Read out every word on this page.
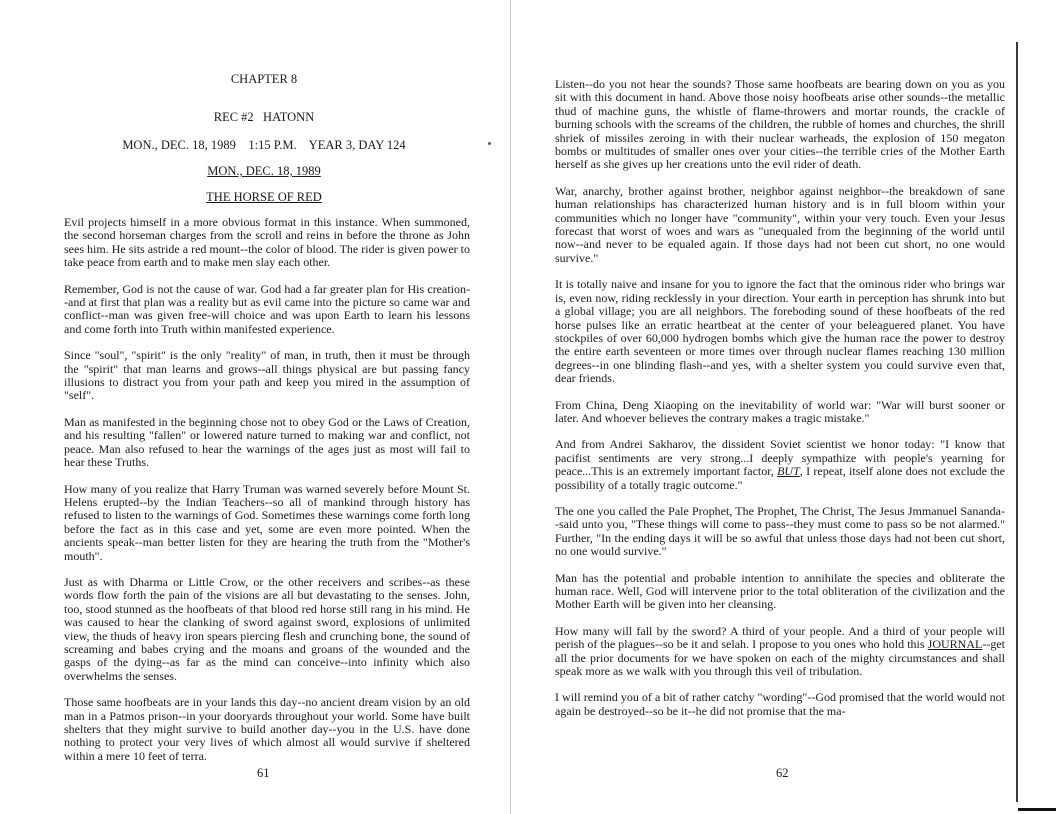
CHAPTER 8
REC #2   HATONN
MON., DEC. 18, 1989    1:15 P.M.    YEAR 3, DAY 124
MON., DEC. 18, 1989
THE HORSE OF RED

Evil projects himself in a more obvious format in this instance. When summoned, the second horseman charges from the scroll and reins in before the throne as John sees him. He sits astride a red mount--the color of blood. The rider is given power to take peace from earth and to make men slay each other.

Remember, God is not the cause of war. God had a far greater plan for His creation--and at first that plan was a reality but as evil came into the picture so came war and conflict--man was given free-will choice and was upon Earth to learn his lessons and come forth into Truth within manifested experience.

Since "soul", "spirit" is the only "reality" of man, in truth, then it must be through the "spirit" that man learns and grows--all things physical are but passing fancy illusions to distract you from your path and keep you mired in the assumption of "self".

Man as manifested in the beginning chose not to obey God or the Laws of Creation, and his resulting "fallen" or lowered nature turned to making war and conflict, not peace. Man also refused to hear the warnings of the ages just as most will fail to hear these Truths.

How many of you realize that Harry Truman was warned severely before Mount St. Helens erupted--by the Indian Teachers--so all of mankind through history has refused to listen to the warnings of God. Sometimes these warnings come forth long before the fact as in this case and yet, some are even more pointed. When the ancients speak--man better listen for they are hearing the truth from the "Mother's mouth".

Just as with Dharma or Little Crow, or the other receivers and scribes--as these words flow forth the pain of the visions are all but devastating to the senses. John, too, stood stunned as the hoofbeats of that blood red horse still rang in his mind. He was caused to hear the clanking of sword against sword, explosions of unlimited view, the thuds of heavy iron spears piercing flesh and crunching bone, the sound of screaming and babes crying and the moans and groans of the wounded and the gasps of the dying--as far as the mind can conceive--into infinity which also overwhelms the senses.

Those same hoofbeats are in your lands this day--no ancient dream vision by an old man in a Patmos prison--in your dooryards throughout your world. Some have built shelters that they might survive to build another day--you in the U.S. have done nothing to protect your very lives of which almost all would survive if sheltered within a mere 10 feet of terra.

61

Listen--do you not hear the sounds? Those same hoofbeats are bearing down on you as you sit with this document in hand. Above those noisy hoofbeats arise other sounds--the metallic thud of machine guns, the whistle of flame-throwers and mortar rounds, the crackle of burning schools with the screams of the children, the rubble of homes and churches, the shrill shriek of missiles zeroing in with their nuclear warheads, the explosion of 150 megaton bombs or multitudes of smaller ones over your cities--the terrible cries of the Mother Earth herself as she gives up her creations unto the evil rider of death.

War, anarchy, brother against brother, neighbor against neighbor--the breakdown of sane human relationships has characterized human history and is in full bloom within your communities which no longer have "community", within your very touch. Even your Jesus forecast that worst of woes and wars as "unequaled from the beginning of the world until now--and never to be equaled again. If those days had not been cut short, no one would survive."

It is totally naive and insane for you to ignore the fact that the ominous rider who brings war is, even now, riding recklessly in your direction. Your earth in perception has shrunk into but a global village; you are all neighbors. The foreboding sound of these hoofbeats of the red horse pulses like an erratic heartbeat at the center of your beleaguered planet. You have stockpiles of over 60,000 hydrogen bombs which give the human race the power to destroy the entire earth seventeen or more times over through nuclear flames reaching 130 million degrees--in one blinding flash--and yes, with a shelter system you could survive even that, dear friends.

From China, Deng Xiaoping on the inevitability of world war: "War will burst sooner or later. And whoever believes the contrary makes a tragic mistake."

And from Andrei Sakharov, the dissident Soviet scientist we honor today: "I know that pacifist sentiments are very strong...I deeply sympathize with people's yearning for peace...This is an extremely important factor, BUT, I repeat, itself alone does not exclude the possibility of a totally tragic outcome."

The one you called the Pale Prophet, The Prophet, The Christ, The Jesus Jmmanuel Sananda--said unto you, "These things will come to pass--they must come to pass so be not alarmed." Further, "In the ending days it will be so awful that unless those days had not been cut short, no one would survive."

Man has the potential and probable intention to annihilate the species and obliterate the human race. Well, God will intervene prior to the total obliteration of the civilization and the Mother Earth will be given into her cleansing.

How many will fall by the sword? A third of your people. And a third of your people will perish of the plagues--so be it and selah. I propose to you ones who hold this JOURNAL--get all the prior documents for we have spoken on each of the mighty circumstances and shall speak more as we walk with you through this veil of tribulation.

I will remind you of a bit of rather catchy "wording"--God promised that the world would not again be destroyed--so be it--he did not promise that the ma-

62
